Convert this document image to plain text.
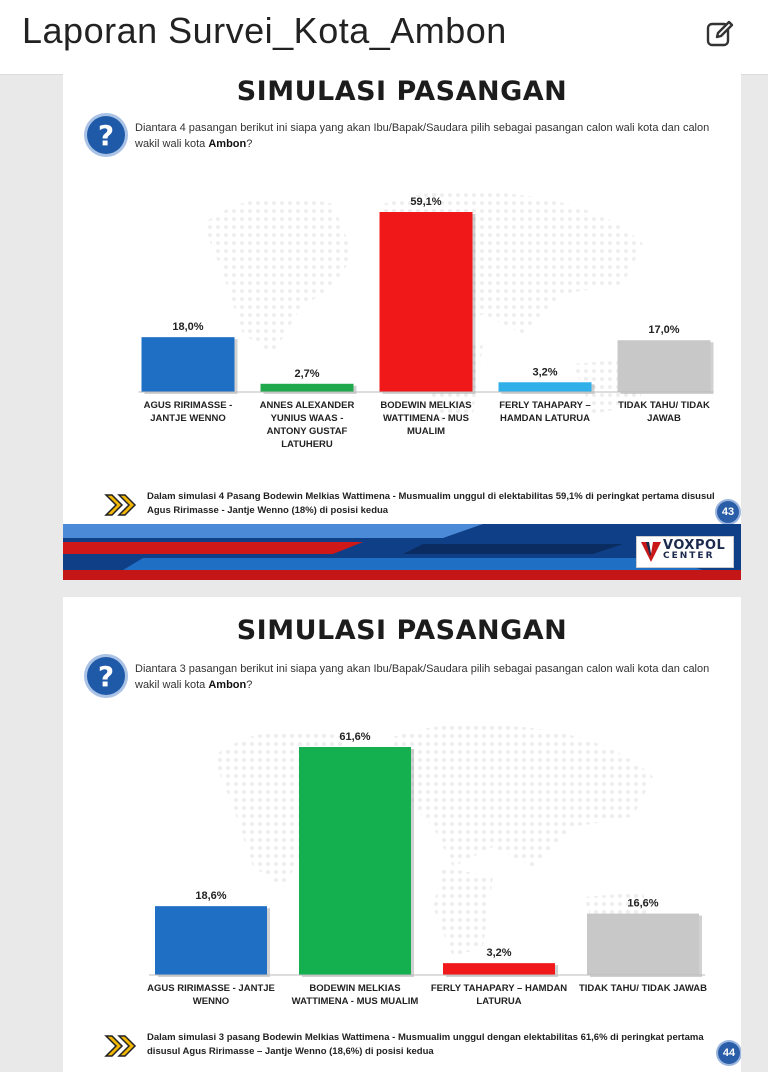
Laporan Survei_Kota_Ambon
SIMULASI PASANGAN
?	Diantara 4 pasangan berikut ini siapa yang akan Ibu/Bapak/Saudara pilih sebagai pasangan calon wali kota dan calon wakil wali kota Ambon?
18,0%
AGUS RIRIMASSE -JANTJE WENNO
2,7%
ANNES ALEXANDER YUNIUS WAAS -ANTONY GUSTAF LATUHERU
59,1%
BODEWIN MELKIAS WATTIMENA - MUS MUALIM
3,2%
FERLY TAHAPARY – HAMDAN LATURUA
17,0%
TIDAK TAHU/ TIDAK JAWAB
Dalam simulasi 4 Pasang Bodewin Melkias Wattimena - Musmualim unggul di elektabilitas 59,1% di peringkat pertama disusul Agus Ririmasse - Jantje Wenno (18%) di posisi kedua	43
VOXPOL
CENTER
SIMULASI PASANGAN
?	Diantara 3 pasangan berikut ini siapa yang akan Ibu/Bapak/Saudara pilih sebagai pasangan calon wali kota dan calon wakil wali kota Ambon?
18,6%
AGUS RIRIMASSE - JANTJE WENNO
61,6%
BODEWIN MELKIAS WATTIMENA - MUS MUALIM
3,2%
FERLY TAHAPARY – HAMDAN LATURUA
16,6%
TIDAK TAHU/ TIDAK JAWAB
Dalam simulasi 3 pasang Bodewin Melkias Wattimena - Musmualim unggul dengan elektabilitas 61,6% di peringkat pertama disusul Agus Ririmasse – Jantje Wenno (18,6%) di posisi kedua	44
